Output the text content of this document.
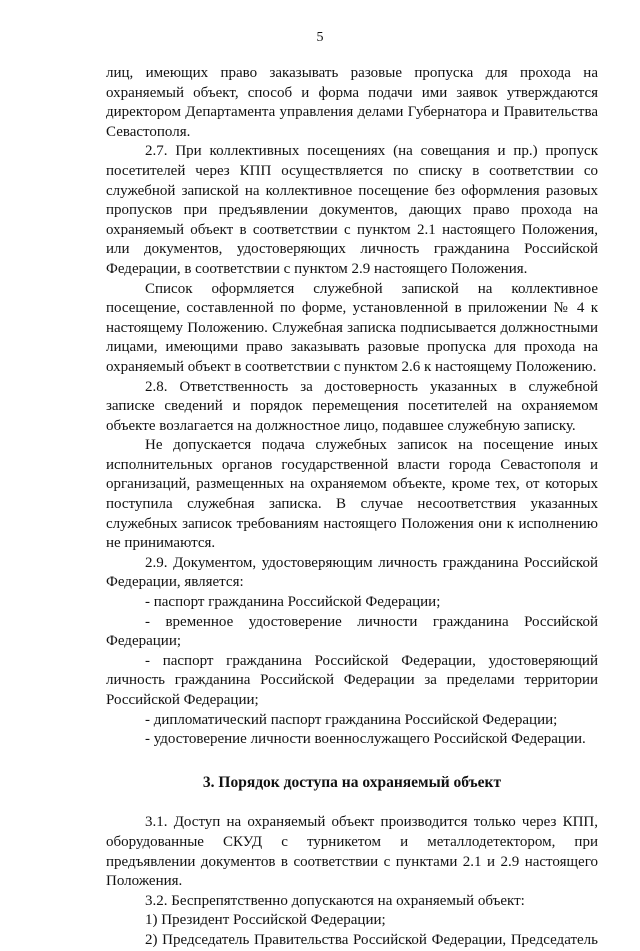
5

лиц, имеющих право заказывать разовые пропуска для прохода на охраняемый объект, способ и форма подачи ими заявок утверждаются директором Департамента управления делами Губернатора и Правительства Севастополя.

2.7. При коллективных посещениях (на совещания и пр.) пропуск посетителей через КПП осуществляется по списку в соответствии со служебной запиской на коллективное посещение без оформления разовых пропусков при предъявлении документов, дающих право прохода на охраняемый объект в соответствии с пунктом 2.1 настоящего Положения, или документов, удостоверяющих личность гражданина Российской Федерации, в соответствии с пунктом 2.9 настоящего Положения.

Список оформляется служебной запиской на коллективное посещение, составленной по форме, установленной в приложении № 4 к настоящему Положению. Служебная записка подписывается должностными лицами, имеющими право заказывать разовые пропуска для прохода на охраняемый объект в соответствии с пунктом 2.6 к настоящему Положению.

2.8. Ответственность за достоверность указанных в служебной записке сведений и порядок перемещения посетителей на охраняемом объекте возлагается на должностное лицо, подавшее служебную записку.

Не допускается подача служебных записок на посещение иных исполнительных органов государственной власти города Севастополя и организаций, размещенных на охраняемом объекте, кроме тех, от которых поступила служебная записка. В случае несоответствия указанных служебных записок требованиям настоящего Положения они к исполнению не принимаются.

2.9. Документом, удостоверяющим личность гражданина Российской Федерации, является:

- паспорт гражданина Российской Федерации;

- временное удостоверение личности гражданина Российской Федерации;

- паспорт гражданина Российской Федерации, удостоверяющий личность гражданина Российской Федерации за пределами территории Российской Федерации;

- дипломатический паспорт гражданина Российской Федерации;

- удостоверение личности военнослужащего Российской Федерации.

3. Порядок доступа на охраняемый объект

3.1. Доступ на охраняемый объект производится только через КПП, оборудованные СКУД с турникетом и металлодетектором, при предъявлении документов в соответствии с пунктами 2.1 и 2.9 настоящего Положения.

3.2. Беспрепятственно допускаются на охраняемый объект:

1) Президент Российской Федерации;

2) Председатель Правительства Российской Федерации, Председатель
